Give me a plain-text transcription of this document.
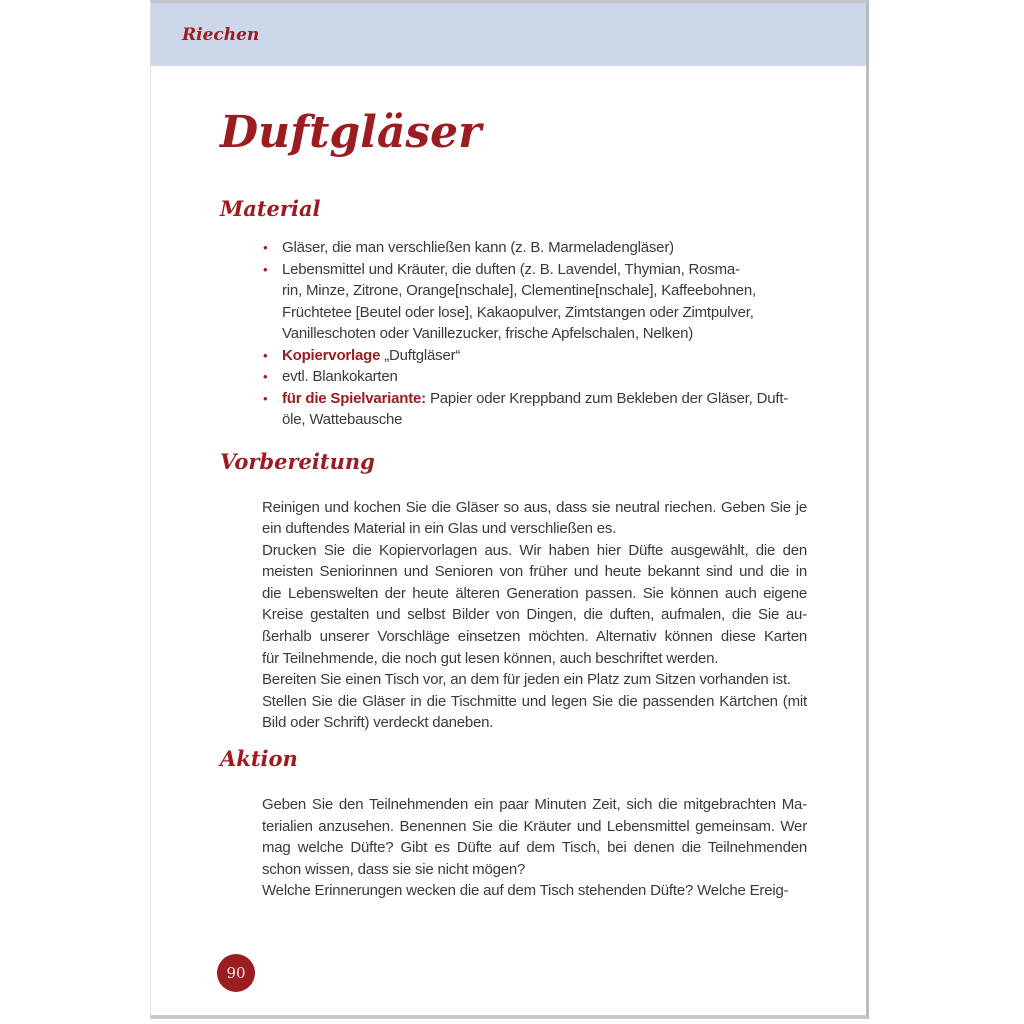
Riechen
Duftgläser
Material
• Gläser, die man verschließen kann (z. B. Marmeladengläser)
• Lebensmittel und Kräuter, die duften (z. B. Lavendel, Thymian, Rosma-
rin, Minze, Zitrone, Orange[nschale], Clementine[nschale], Kaffeebohnen,
Früchtetee [Beutel oder lose], Kakaopulver, Zimtstangen oder Zimtpulver,
Vanilleschoten oder Vanillezucker, frische Apfelschalen, Nelken)
• Kopiervorlage „Duftgläser“
• evtl. Blankokarten
• für die Spielvariante: Papier oder Kreppband zum Bekleben der Gläser, Duft-
öle, Wattebausche
Vorbereitung
Reinigen und kochen Sie die Gläser so aus, dass sie neutral riechen. Geben Sie je
ein duftendes Material in ein Glas und verschließen es.
Drucken Sie die Kopiervorlagen aus. Wir haben hier Düfte ausgewählt, die den
meisten Seniorinnen und Senioren von früher und heute bekannt sind und die in
die Lebenswelten der heute älteren Generation passen. Sie können auch eigene
Kreise gestalten und selbst Bilder von Dingen, die duften, aufmalen, die Sie au-
ßerhalb unserer Vorschläge einsetzen möchten. Alternativ können diese Karten
für Teilnehmende, die noch gut lesen können, auch beschriftet werden.
Bereiten Sie einen Tisch vor, an dem für jeden ein Platz zum Sitzen vorhanden ist.
Stellen Sie die Gläser in die Tischmitte und legen Sie die passenden Kärtchen (mit
Bild oder Schrift) verdeckt daneben.
Aktion
Geben Sie den Teilnehmenden ein paar Minuten Zeit, sich die mitgebrachten Ma-
terialien anzusehen. Benennen Sie die Kräuter und Lebensmittel gemeinsam. Wer
mag welche Düfte? Gibt es Düfte auf dem Tisch, bei denen die Teilnehmenden
schon wissen, dass sie sie nicht mögen?
Welche Erinnerungen wecken die auf dem Tisch stehenden Düfte? Welche Ereig-
90
